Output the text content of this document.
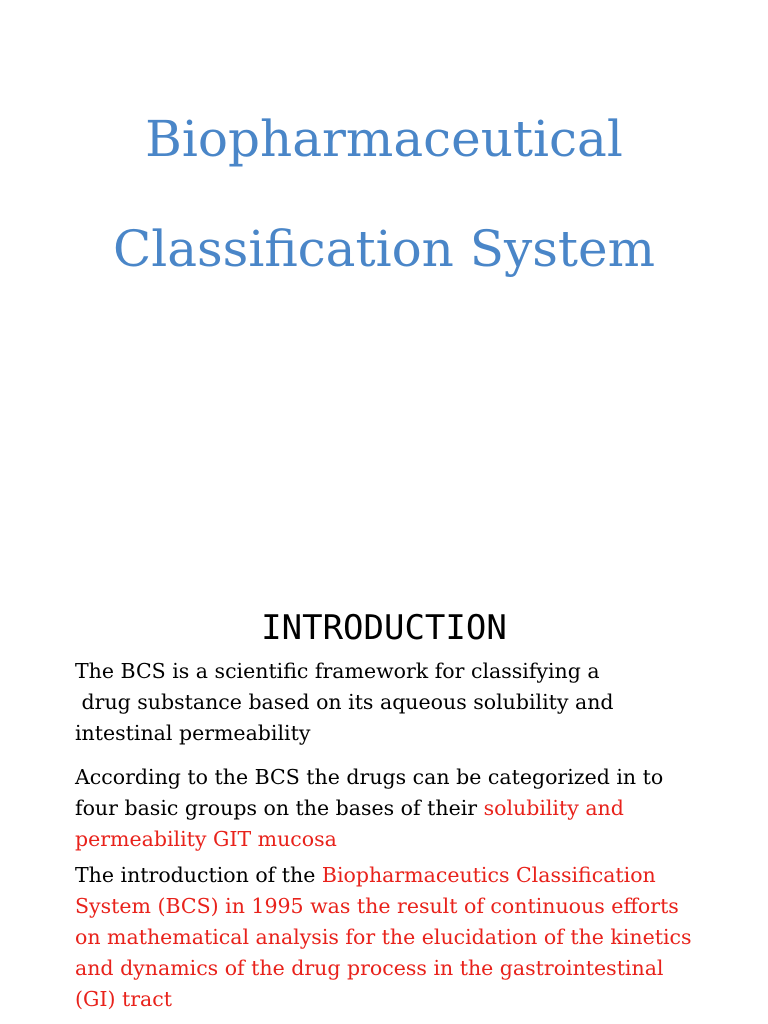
Biopharmaceutical
Classification System
INTRODUCTION
The BCS is a scientific framework for classifying a
drug substance based on its aqueous solubility and
intestinal permeability
According to the BCS the drugs can be categorized in to
four basic groups on the bases of their solubility and
permeability GIT mucosa
The introduction of the Biopharmaceutics Classification
System (BCS) in 1995 was the result of continuous efforts
on mathematical analysis for the elucidation of the kinetics
and dynamics of the drug process in the gastrointestinal
(GI) tract
